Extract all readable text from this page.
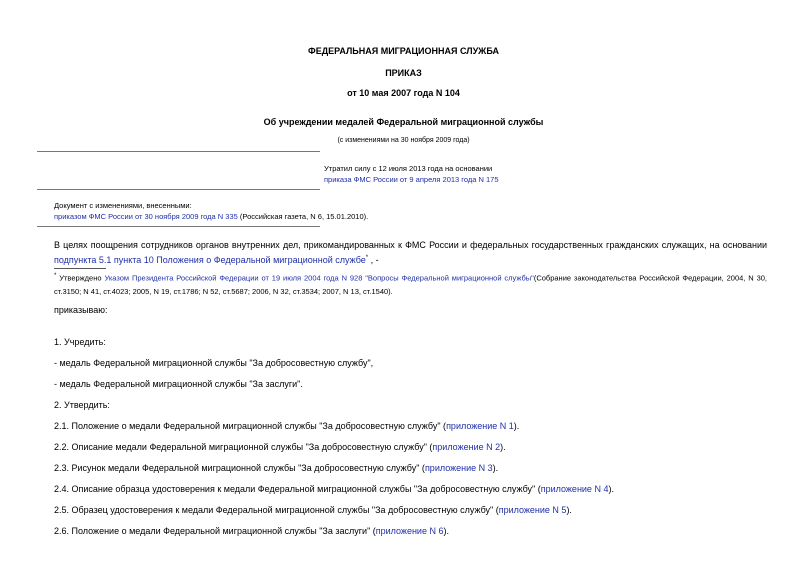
ФЕДЕРАЛЬНАЯ МИГРАЦИОННАЯ СЛУЖБА
ПРИКАЗ
от 10 мая 2007 года N 104
Об учреждении медалей Федеральной миграционной службы
(с изменениями на 30 ноября 2009 года)
Утратил силу с 12 июля 2013 года на основании
приказа ФМС России от 9 апреля 2013 года N 175
Документ с изменениями, внесенными:
приказом ФМС России от 30 ноября 2009 года N 335 (Российская газета, N 6, 15.01.2010).
В целях поощрения сотрудников органов внутренних дел, прикомандированных к ФМС России и федеральных государственных гражданских служащих, на основании подпункта 5.1 пункта 10 Положения о Федеральной миграционной службе* , -
* Утверждено Указом Президента Российской Федерации от 19 июля 2004 года N 928 "Вопросы Федеральной миграционной службы"(Собрание законодательства Российской Федерации, 2004, N 30, ст.3150; N 41, ст.4023; 2005, N 19, ст.1786; N 52, ст.5687; 2006, N 32, ст.3534; 2007, N 13, ст.1540).
приказываю:
1. Учредить:
- медаль Федеральной миграционной службы "За добросовестную службу",
- медаль Федеральной миграционной службы "За заслуги".
2. Утвердить:
2.1. Положение о медали Федеральной миграционной службы "За добросовестную службу" (приложение N 1).
2.2. Описание медали Федеральной миграционной службы "За добросовестную службу" (приложение N 2).
2.3. Рисунок медали Федеральной миграционной службы "За добросовестную службу" (приложение N 3).
2.4. Описание образца удостоверения к медали Федеральной миграционной службы "За добросовестную службу" (приложение N 4).
2.5. Образец удостоверения к медали Федеральной миграционной службы "За добросовестную службу" (приложение N 5).
2.6. Положение о медали Федеральной миграционной службы "За заслуги" (приложение N 6).
